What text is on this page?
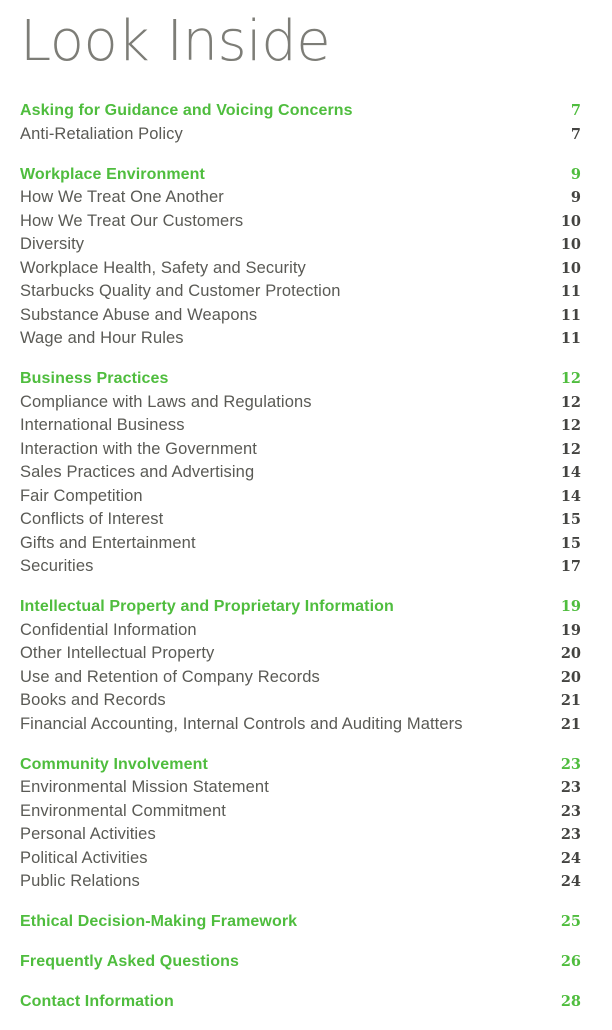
Look Inside
Asking for Guidance and Voicing Concerns	7
Anti-Retaliation Policy	7
Workplace Environment	9
How We Treat One Another	9
How We Treat Our Customers	10
Diversity	10
Workplace Health, Safety and Security	10
Starbucks Quality and Customer Protection	11
Substance Abuse and Weapons	11
Wage and Hour Rules	11
Business Practices	12
Compliance with Laws and Regulations	12
International Business	12
Interaction with the Government	12
Sales Practices and Advertising	14
Fair Competition	14
Conflicts of Interest	15
Gifts and Entertainment	15
Securities	17
Intellectual Property and Proprietary Information	19
Confidential Information	19
Other Intellectual Property	20
Use and Retention of Company Records	20
Books and Records	21
Financial Accounting, Internal Controls and Auditing Matters	21
Community Involvement	23
Environmental Mission Statement	23
Environmental Commitment	23
Personal Activities	23
Political Activities	24
Public Relations	24
Ethical Decision-Making Framework	25
Frequently Asked Questions	26
Contact Information	28
